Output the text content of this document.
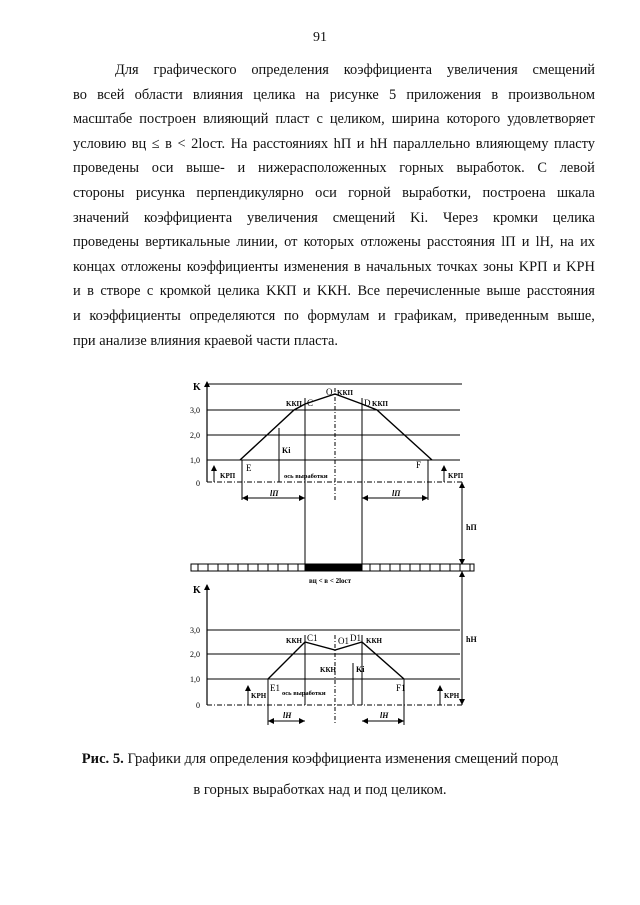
91
Для графического определения коэффициента увеличения смещений
во всей области влияния целика на рисунке 5 приложения в произвольном
масштабе построен влияющий пласт с целиком, ширина которого удовлетворяет
условию вц ≤ в < 2lост. На расстояниях hП и hН параллельно влияющему пласту
проведены оси выше- и нижерасположенных горных выработок. С левой
стороны рисунка перпендикулярно оси горной выработки, построена шкала
значений коэффициента увеличения смещений Ki. Через кромки целика
проведены вертикальные линии, от которых отложены расстояния lП и lН, на их
концах отложены коэффициенты изменения в начальных точках зоны KРП и KРН
и в створе с кромкой целика KКП и KКН. Все перечисленные выше расстояния
и коэффициенты определяются по формулам и графикам, приведенным выше,
при анализе влияния краевой части пласта.
K
3,0
2,0
1,0
0
C
O
D
E	F
KКП
KКП
KКП
Ki
KРП	KРП
ось выработки
lП	lП
hП
вц < в < 2lост
K
3,0
2,0
1,0
0
C1 O1 D1
E1	F1
KКН	KКН
KКН	Ki
KРН	KРН
ось выработки
hН
lН	lН
Рис. 5. Графики для определения коэффициента изменения смещений пород
в горных выработках над и под целиком.
